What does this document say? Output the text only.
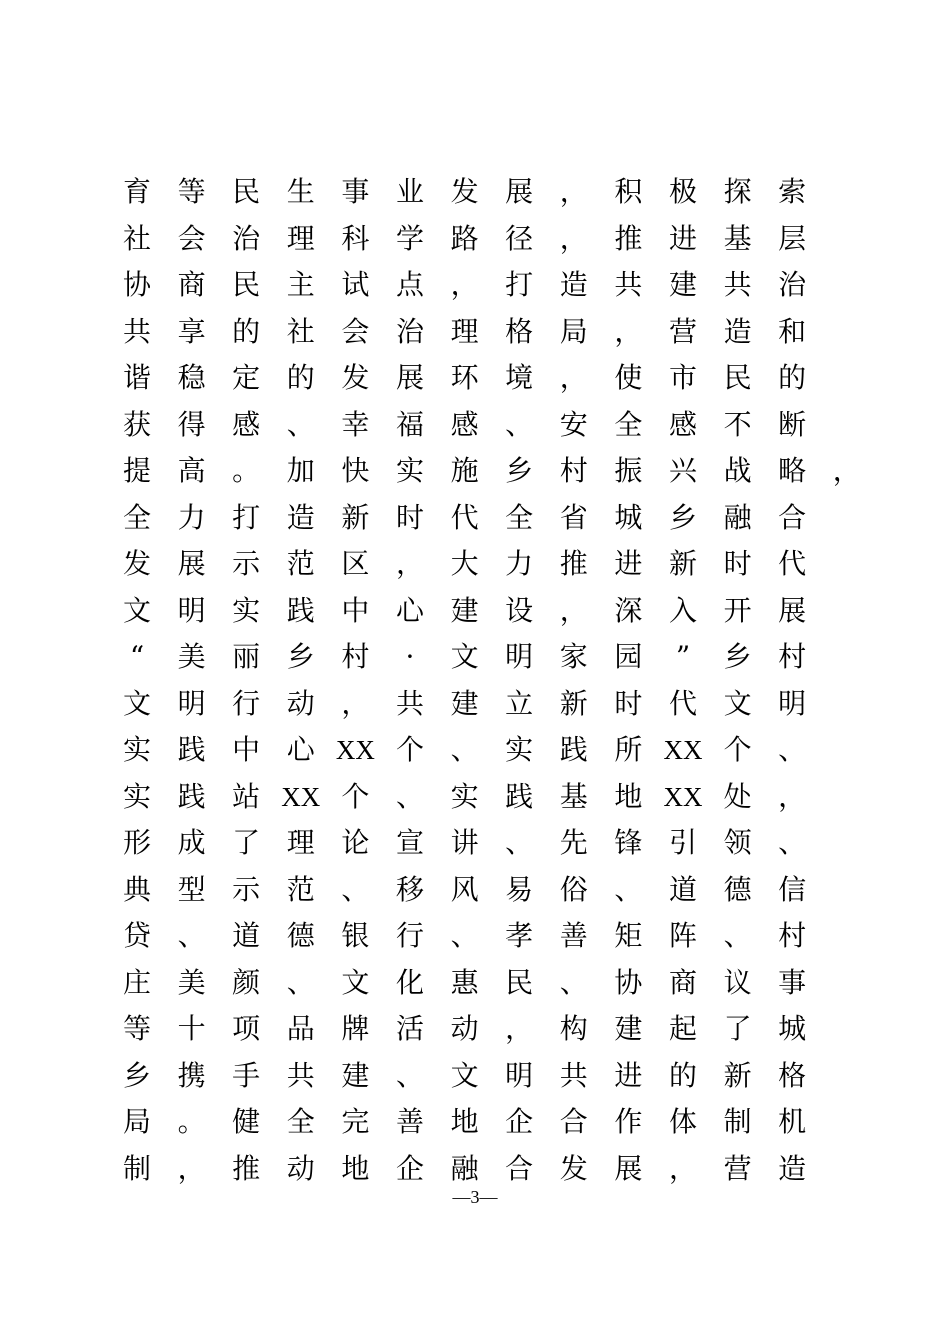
育 等 民 生 事 业 发 展 ， 积 极 探 索
社 会 治 理 科 学 路 径 ， 推 进 基 层
协 商 民 主 试 点 ， 打 造 共 建 共 治
共 享 的 社 会 治 理 格 局 ， 营 造 和
谐 稳 定 的 发 展 环 境 ， 使 市 民 的
获 得 感 、 幸 福 感 、 安 全 感 不 断
提 高 。 加 快 实 施 乡 村 振 兴 战 略 ，
全 力 打 造 新 时 代 全 省 城 乡 融 合
发 展 示 范 区 ， 大 力 推 进 新 时 代
文 明 实 践 中 心 建 设 ， 深 入 开 展
“ 美 丽 乡 村 · 文 明 家 园 ” 乡 村
文 明 行 动 ， 共 建 立 新 时 代 文 明
实 践 中 心 XX 个 、 实 践 所 XX 个 、
实 践 站 XX 个 、 实 践 基 地 XX 处 ，
形 成 了 理 论 宣 讲 、 先 锋 引 领 、
典 型 示 范 、 移 风 易 俗 、 道 德 信
贷 、 道 德 银 行 、 孝 善 矩 阵 、 村
庄 美 颜 、 文 化 惠 民 、 协 商 议 事
等 十 项 品 牌 活 动 ， 构 建 起 了 城
乡 携 手 共 建 、 文 明 共 进 的 新 格
局 。 健 全 完 善 地 企 合 作 体 制 机
制 ， 推 动 地 企 融 合 发 展 ， 营 造
—3—
